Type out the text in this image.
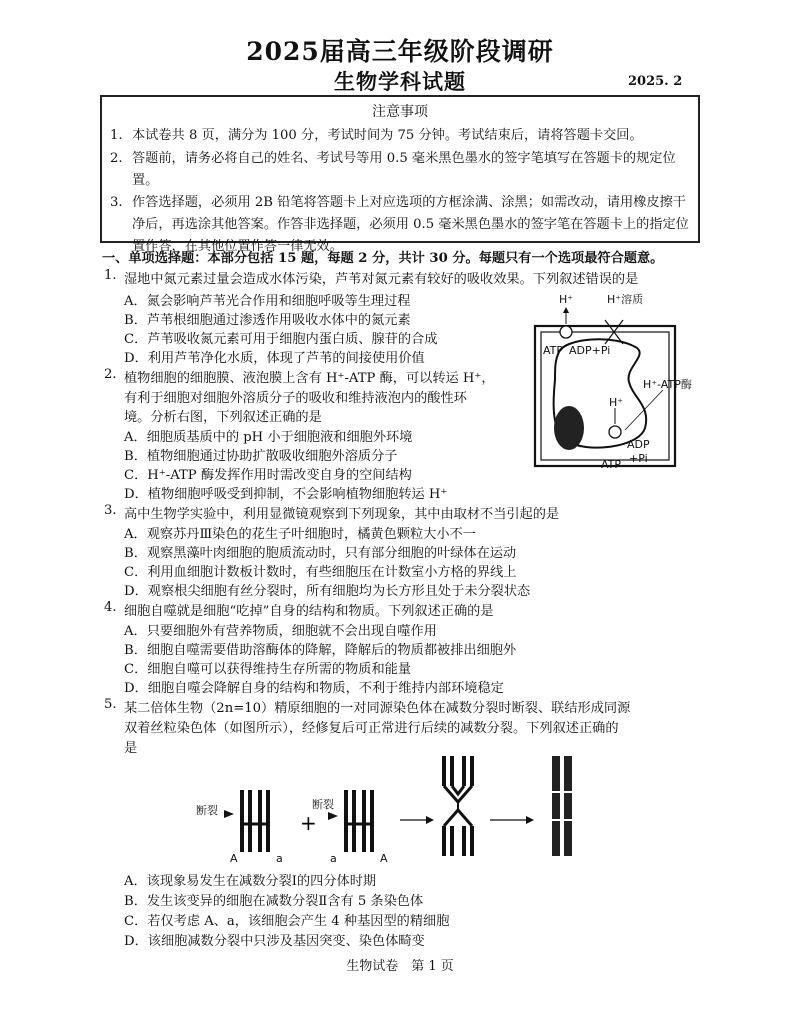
2025届高三年级阶段调研
生物学科试题	2025. 2
注意事项
1. 本试卷共 8 页，满分为 100 分，考试时间为 75 分钟。考试结束后，请将答题卡交回。
2. 答题前，请务必将自己的姓名、考试号等用 0.5 毫米黑色墨水的签字笔填写在答题卡的规定位置。
3. 作答选择题，必须用 2B 铅笔将答题卡上对应选项的方框涂满、涂黑；如需改动，请用橡皮擦干净后，再选涂其他答案。作答非选择题，必须用 0.5 毫米黑色墨水的签字笔在答题卡上的指定位置作答，在其他位置作答一律无效。
一、单项选择题：本部分包括 15 题，每题 2 分，共计 30 分。每题只有一个选项最符合题意。
1. 湿地中氮元素过量会造成水体污染，芦苇对氮元素有较好的吸收效果。下列叙述错误的是
A．氮会影响芦苇光合作用和细胞呼吸等生理过程
B．芦苇根细胞通过渗透作用吸收水体中的氮元素
C．芦苇吸收氮元素可用于细胞内蛋白质、腺苷的合成
D．利用芦苇净化水质，体现了芦苇的间接使用价值
2. 植物细胞的细胞膜、液泡膜上含有 H⁺-ATP 酶，可以转运 H⁺，
有利于细胞对细胞外溶质分子的吸收和维持液泡内的酸性环
境。分析右图，下列叙述正确的是
A．细胞质基质中的 pH 小于细胞液和细胞外环境
B．植物细胞通过协助扩散吸收细胞外溶质分子
C．H⁺-ATP 酶发挥作用时需改变自身的空间结构
D．植物细胞呼吸受到抑制，不会影响植物细胞转运 H⁺
3. 高中生物学实验中，利用显微镜观察到下列现象，其中由取材不当引起的是
A．观察苏丹Ⅲ染色的花生子叶细胞时，橘黄色颗粒大小不一
B．观察黑藻叶肉细胞的胞质流动时，只有部分细胞的叶绿体在运动
C．利用血细胞计数板计数时，有些细胞压在计数室小方格的界线上
D．观察根尖细胞有丝分裂时，所有细胞均为长方形且处于未分裂状态
4. 细胞自噬就是细胞“吃掉”自身的结构和物质。下列叙述正确的是
A．只要细胞外有营养物质，细胞就不会出现自噬作用
B．细胞自噬需要借助溶酶体的降解，降解后的物质都被排出细胞外
C．细胞自噬可以获得维持生存所需的物质和能量
D．细胞自噬会降解自身的结构和物质，不利于维持内部环境稳定
5. 某二倍体生物（2n=10）精原细胞的一对同源染色体在减数分裂时断裂、联结形成同源
双着丝粒染色体（如图所示），经修复后可正常进行后续的减数分裂。下列叙述正确的
是
A．该现象易发生在减数分裂Ⅰ的四分体时期
B．发生该变异的细胞在减数分裂Ⅱ含有 5 条染色体
C．若仅考虑 A、a，该细胞会产生 4 种基因型的精细胞
D．该细胞减数分裂中只涉及基因突变、染色体畸变
H⁺	H⁺溶质
ATP ADP+Pi
H⁺-ATP酶
H⁺
ATP
ADP
+Pi
断裂
A	a
+
断裂
a	A
生物试卷　第 1 页
